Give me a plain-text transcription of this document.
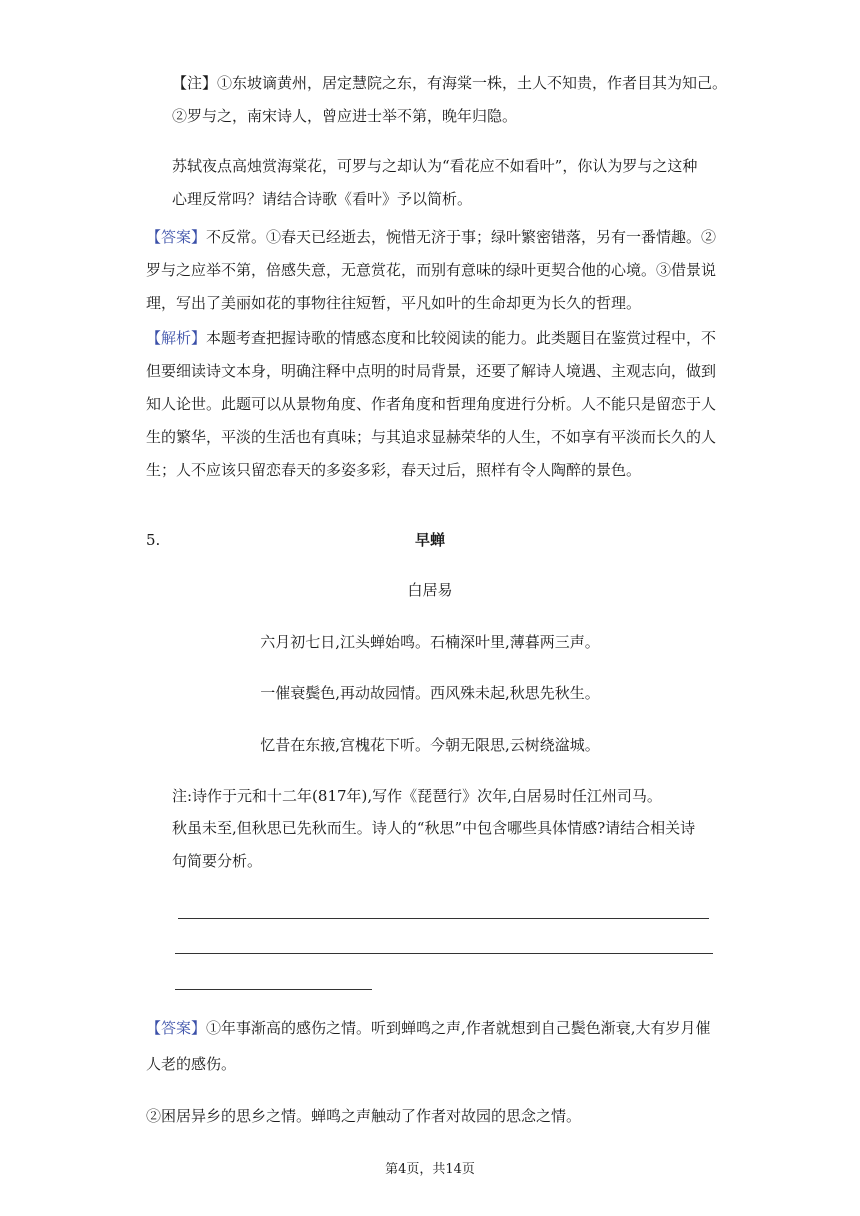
【注】①东坡谪黄州，居定慧院之东，有海棠一株，土人不知贵，作者目其为知己。
②罗与之，南宋诗人，曾应进士举不第，晚年归隐。
苏轼夜点高烛赏海棠花，可罗与之却认为“看花应不如看叶”，你认为罗与之这种
心理反常吗？请结合诗歌《看叶》予以简析。
【答案】不反常。①春天已经逝去，惋惜无济于事；绿叶繁密错落，另有一番情趣。②
罗与之应举不第，倍感失意，无意赏花，而别有意味的绿叶更契合他的心境。③借景说
理，写出了美丽如花的事物往往短暂，平凡如叶的生命却更为长久的哲理。
【解析】本题考查把握诗歌的情感态度和比较阅读的能力。此类题目在鉴赏过程中，不
但要细读诗文本身，明确注释中点明的时局背景，还要了解诗人境遇、主观志向，做到
知人论世。此题可以从景物角度、作者角度和哲理角度进行分析。人不能只是留恋于人
生的繁华，平淡的生活也有真味；与其追求显赫荣华的人生，不如享有平淡而长久的人
生；人不应该只留恋春天的多姿多彩，春天过后，照样有令人陶醉的景色。
5.	早蝉
白居易
六月初七日,江头蝉始鸣。石楠深叶里,薄暮两三声。
一催衰鬓色,再动故园情。西风殊未起,秋思先秋生。
忆昔在东掖,宫槐花下听。今朝无限思,云树绕湓城。
注:诗作于元和十二年(817年),写作《琵琶行》次年,白居易时任江州司马。
秋虽未至,但秋思已先秋而生。诗人的“秋思”中包含哪些具体情感?请结合相关诗
句简要分析。
【答案】①年事渐高的感伤之情。听到蝉鸣之声,作者就想到自己鬓色渐衰,大有岁月催
人老的感伤。
②困居异乡的思乡之情。蝉鸣之声触动了作者对故园的思念之情。
第4页，共14页
